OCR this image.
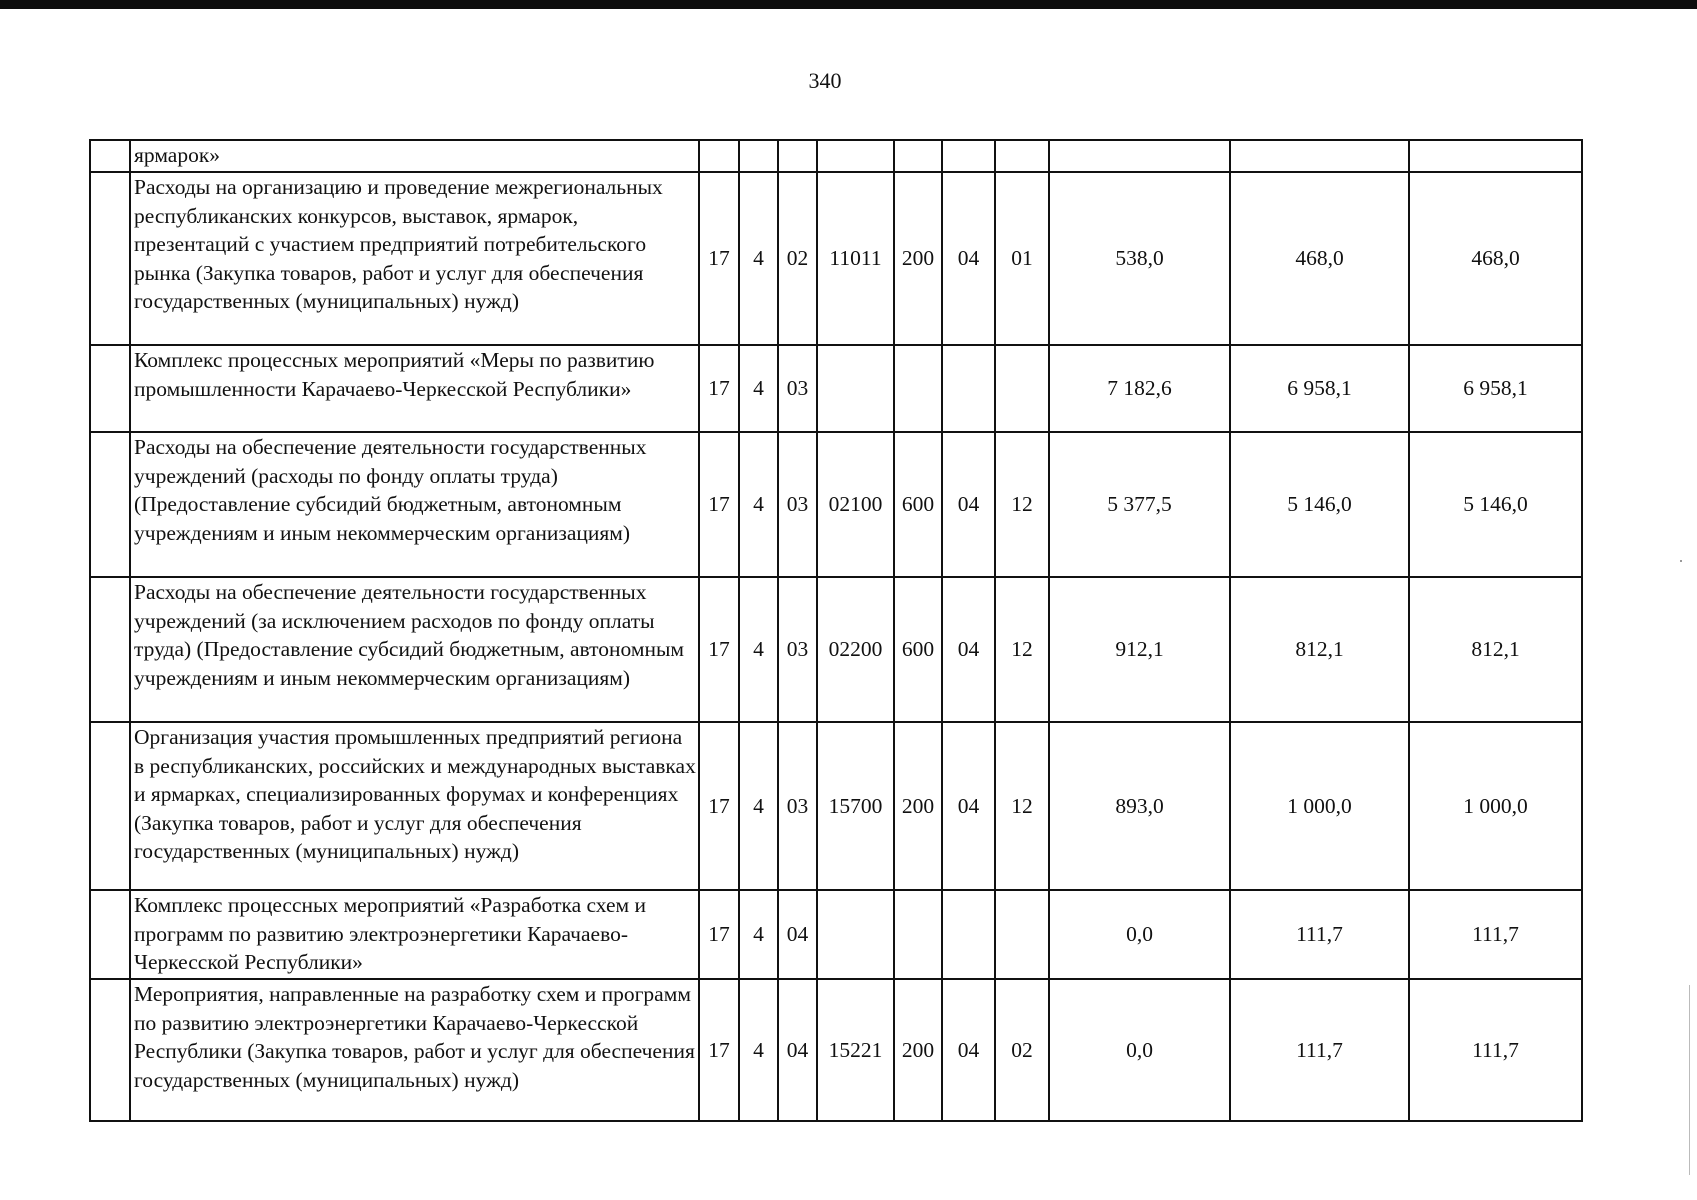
340
	ярмарок»										
	Расходы на организацию и проведение межрегиональных республиканских конкурсов, выставок, ярмарок, презентаций с участием предприятий потребительского рынка (Закупка товаров, работ и услуг для обеспечения государственных (муниципальных) нужд)	17	4	02	11011	200	04	01	538,0	468,0	468,0
	Комплекс процессных мероприятий «Меры по развитию промышленности Карачаево-Черкесской Республики»	17	4	03					7 182,6	6 958,1	6 958,1
	Расходы на обеспечение деятельности государственных учреждений (расходы по фонду оплаты труда) (Предоставление субсидий бюджетным, автономным учреждениям и иным некоммерческим организациям)	17	4	03	02100	600	04	12	5 377,5	5 146,0	5 146,0
	Расходы на обеспечение деятельности государственных учреждений (за исключением расходов по фонду оплаты труда) (Предоставление субсидий бюджетным, автономным учреждениям и иным некоммерческим организациям)	17	4	03	02200	600	04	12	912,1	812,1	812,1
	Организация участия промышленных предприятий региона в республиканских, российских и международных выставках и ярмарках, специализированных форумах и конференциях (Закупка товаров, работ и услуг для обеспечения государственных (муниципальных) нужд)	17	4	03	15700	200	04	12	893,0	1 000,0	1 000,0
	Комплекс процессных мероприятий «Разработка схем и программ по развитию электроэнергетики Карачаево-Черкесской Республики»	17	4	04					0,0	111,7	111,7
	Мероприятия, направленные на разработку схем и программ по развитию электроэнергетики Карачаево-Черкесской Республики (Закупка товаров, работ и услуг для обеспечения государственных (муниципальных) нужд)	17	4	04	15221	200	04	02	0,0	111,7	111,7
